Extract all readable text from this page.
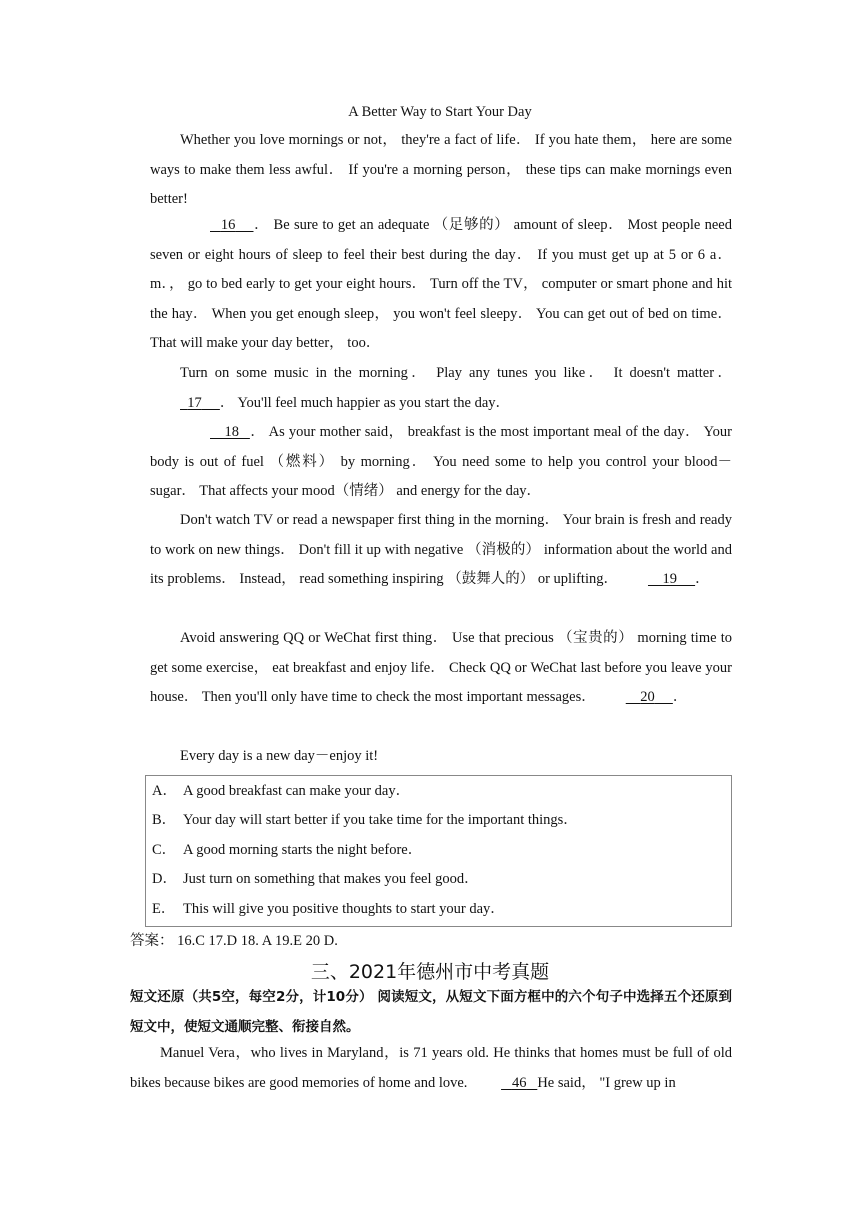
A Better Way to Start Your Day
Whether you love mornings or not， they're a fact of life． If you hate them， here are some ways to make them less awful． If you're a morning person， these tips can make mornings even better!
16 ． Be sure to get an adequate （足够的） amount of sleep． Most people need seven or eight hours of sleep to feel their best during the day． If you must get up at 5 or 6 a．m．， go to bed early to get your eight hours． Turn off the TV， computer or smart phone and hit the hay． When you get enough sleep， you won't feel sleepy． You can get out of bed on time． That will make your day better， too．
Turn on some music in the morning． Play any tunes you like． It doesn't matter．  17 ． You'll feel much happier as you start the day．
18 ． As your mother said， breakfast is the most important meal of the day． Your body is out of fuel （燃料） by morning． You need some to help you control your blood－sugar． That affects your mood（情绪） and energy for the day．
Don't watch TV or read a newspaper first thing in the morning． Your brain is fresh and ready to work on new things． Don't fill it up with negative （消极的） information about the world and its problems． Instead， read something inspiring （鼓舞人的） or uplifting．	19 ．
Avoid answering QQ or WeChat first thing． Use that precious （宝贵的） morning time to get some exercise， eat breakfast and enjoy life． Check QQ or WeChat last before you leave your house． Then you'll only have time to check the most important messages．	20 ．
Every day is a new day－enjoy it!
A． A good breakfast can make your day．
B． Your day will start better if you take time for the important things．
C． A good morning starts the night before．
D． Just turn on something that makes you feel good．
E． This will give you positive thoughts to start your day．
答案： 16.C 17.D 18. A 19.E 20 D.
三、2021年德州市中考真题
短文还原（共5空，每空2分，计10分） 阅读短文，从短文下面方框中的六个句子中选择五个还原到短文中，使短文通顺完整、衔接自然。
Manuel Vera，who lives in Maryland，is 71 years old. He thinks that homes must be full of old bikes because bikes are good memories of home and love.	46 He said， "I grew up in
